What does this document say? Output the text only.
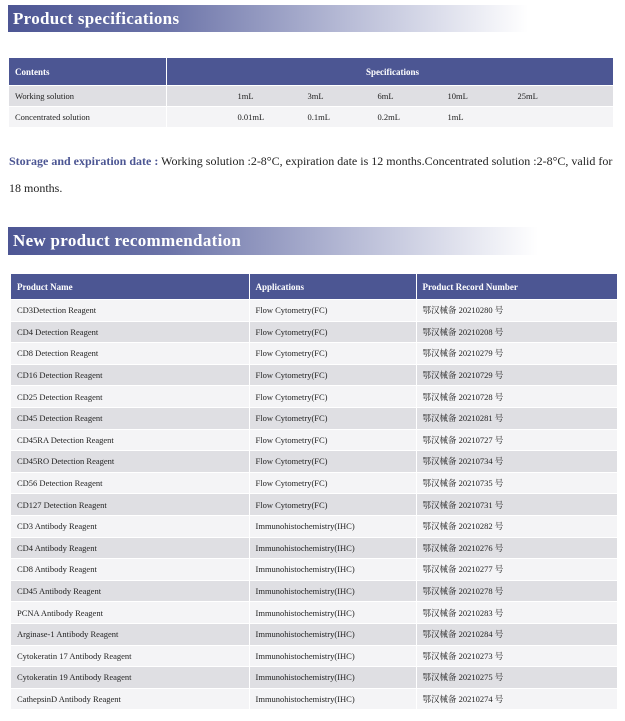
Product specifications
Contents	Specifications
Working solution	1mL 3mL 6mL 10mL 25mL

Concentrated solution	0.01mL 0.1mL 0.2mL 1mL
Storage and expiration date : Working solution :2-8°C, expiration date is 12 months.Concentrated solution :2-8°C, valid for 18 months.
New product recommendation
Product Name	Applications	Product Record Number
CD3Detection Reagent	Flow Cytometry(FC)	鄂汉械备 20210280 号
CD4 Detection Reagent	Flow Cytometry(FC)	鄂汉械备 20210208 号
CD8 Detection Reagent	Flow Cytometry(FC)	鄂汉械备 20210279 号
CD16 Detection Reagent	Flow Cytometry(FC)	鄂汉械备 20210729 号
CD25 Detection Reagent	Flow Cytometry(FC)	鄂汉械备 20210728 号
CD45 Detection Reagent	Flow Cytometry(FC)	鄂汉械备 20210281 号
CD45RA Detection Reagent	Flow Cytometry(FC)	鄂汉械备 20210727 号
CD45RO Detection Reagent	Flow Cytometry(FC)	鄂汉械备 20210734 号
CD56 Detection Reagent	Flow Cytometry(FC)	鄂汉械备 20210735 号
CD127 Detection Reagent	Flow Cytometry(FC)	鄂汉械备 20210731 号
CD3 Antibody Reagent	Immunohistochemistry(IHC)	鄂汉械备 20210282 号
CD4 Antibody Reagent	Immunohistochemistry(IHC)	鄂汉械备 20210276 号
CD8 Antibody Reagent	Immunohistochemistry(IHC)	鄂汉械备 20210277 号
CD45 Antibody Reagent	Immunohistochemistry(IHC)	鄂汉械备 20210278 号
PCNA Antibody Reagent	Immunohistochemistry(IHC)	鄂汉械备 20210283 号
Arginase-1 Antibody Reagent	Immunohistochemistry(IHC)	鄂汉械备 20210284 号
Cytokeratin 17 Antibody Reagent	Immunohistochemistry(IHC)	鄂汉械备 20210273 号
Cytokeratin 19 Antibody Reagent	Immunohistochemistry(IHC)	鄂汉械备 20210275 号
CathepsinD Antibody Reagent	Immunohistochemistry(IHC)	鄂汉械备 20210274 号
